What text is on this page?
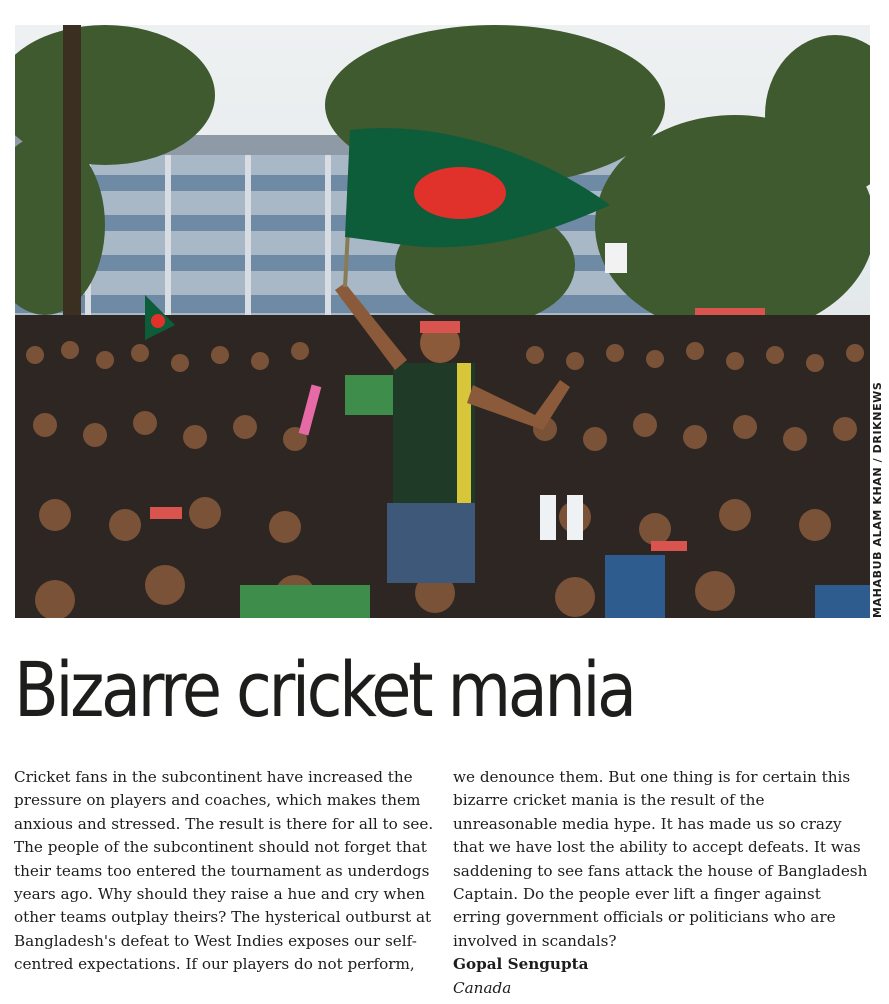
MAHABUB ALAM KHAN / DRIKNEWS
Bizarre cricket mania

Cricket fans in the subcontinent have increased the pressure on players and coaches, which makes them anxious and stressed. The result is there for all to see. The people of the subcontinent should not forget that their teams too entered the tournament as underdogs years ago. Why should they raise a hue and cry when other teams outplay theirs? The hysterical outburst at Bangladesh's defeat to West Indies exposes our self-centred expectations. If our players do not perform,

we denounce them. But one thing is for certain this bizarre cricket mania is the result of the unreasonable media hype. It has made us so crazy that we have lost the ability to accept defeats. It was saddening to see fans attack the house of Bangladesh Captain. Do the people ever lift a finger against erring government officials or politicians who are involved in scandals?

Gopal Sengupta

Canada
